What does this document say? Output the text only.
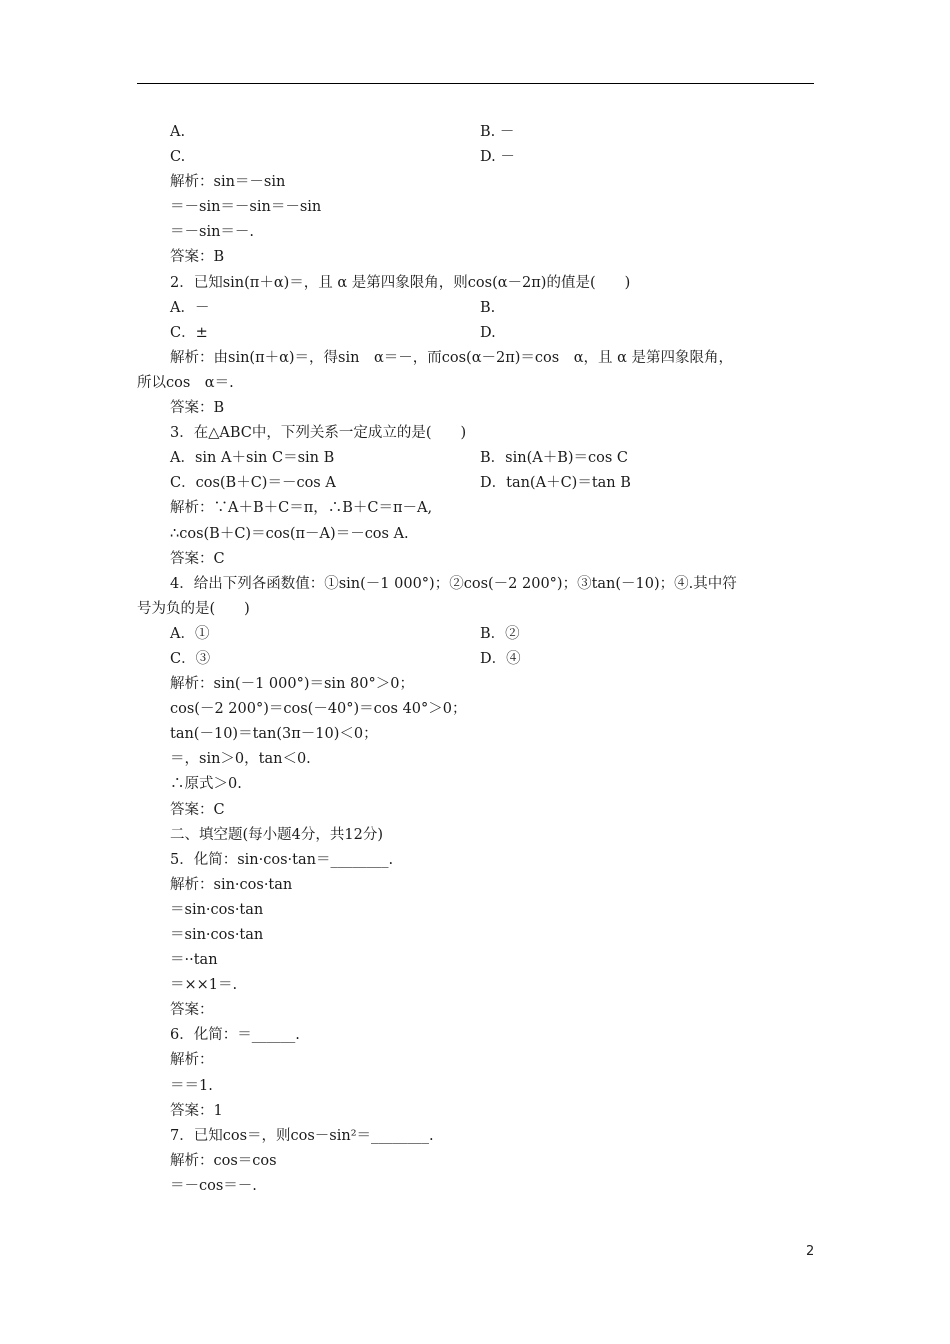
A.	B. －
C.	D. －
解析：sin＝－sin
＝－sin＝－sin＝－sin
＝－sin＝－.
答案：B
2．已知sin(π＋α)＝，且 α 是第四象限角，则cos(α－2π)的值是(　　)
A．－	B.
C．±	D.
解析：由sin(π＋α)＝，得sin　α＝－，而cos(α－2π)＝cos　α，且 α 是第四象限角，
所以cos　α＝.
答案：B
3．在△ABC中，下列关系一定成立的是(　　)
A．sin A＋sin C＝sin B	B．sin(A＋B)＝cos C
C．cos(B＋C)＝－cos A	D．tan(A＋C)＝tan B
解析：∵A＋B＋C＝π，∴B＋C＝π－A,
∴cos(B＋C)＝cos(π－A)＝－cos A.
答案：C
4．给出下列各函数值：①sin(－1 000°)；②cos(－2 200°)；③tan(－10)；④.其中符
号为负的是(　　)
A．①	B．②
C．③	D．④
解析：sin(－1 000°)＝sin 80°＞0；
cos(－2 200°)＝cos(－40°)＝cos 40°＞0；
tan(－10)＝tan(3π－10)＜0；
＝，sin＞0，tan＜0.
∴原式＞0.
答案：C
二、填空题(每小题4分，共12分)
5．化简：sin·cos·tan＝________.
解析：sin·cos·tan
＝sin·cos·tan
＝sin·cos·tan
＝··tan
＝××1＝.
答案：
6．化简：＝______.
解析：
＝＝1.
答案：1
7．已知cos＝，则cos－sin²＝________.
解析：cos＝cos
＝－cos＝－.
2
